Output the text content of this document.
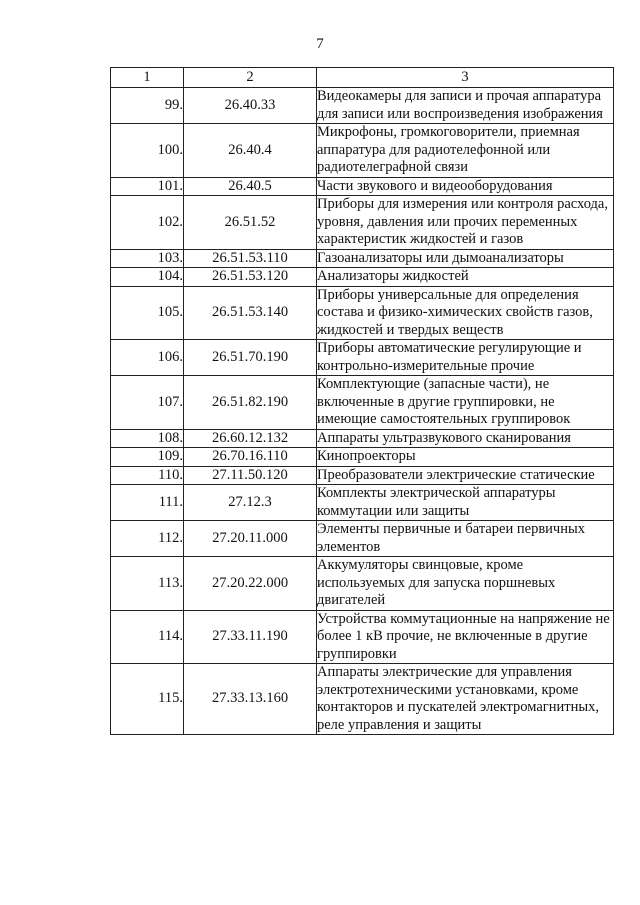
7
1	2	3
99.	26.40.33	Видеокамеры для записи и прочая аппаратура для записи или воспроизведения изображения
100.	26.40.4	Микрофоны, громкоговорители, приемная аппаратура для радиотелефонной или радиотелеграфной связи
101.	26.40.5	Части звукового и видеооборудования
102.	26.51.52	Приборы для измерения или контроля расхода, уровня, давления или прочих переменных характеристик жидкостей и газов
103.	26.51.53.110	Газоанализаторы или дымоанализаторы
104.	26.51.53.120	Анализаторы жидкостей
105.	26.51.53.140	Приборы универсальные для определения состава и физико-химических свойств газов, жидкостей и твердых веществ
106.	26.51.70.190	Приборы автоматические регулирующие и контрольно-измерительные прочие
107.	26.51.82.190	Комплектующие (запасные части), не включенные в другие группировки, не имеющие самостоятельных группировок
108.	26.60.12.132	Аппараты ультразвукового сканирования
109.	26.70.16.110	Кинопроекторы
110.	27.11.50.120	Преобразователи электрические статические
111.	27.12.3	Комплекты электрической аппаратуры коммутации или защиты
112.	27.20.11.000	Элементы первичные и батареи первичных элементов
113.	27.20.22.000	Аккумуляторы свинцовые, кроме используемых для запуска поршневых двигателей
114.	27.33.11.190	Устройства коммутационные на напряжение не более 1 кВ прочие, не включенные в другие группировки
115.	27.33.13.160	Аппараты электрические для управления электротехническими установками, кроме контакторов и пускателей электромагнитных, реле управления и защиты
